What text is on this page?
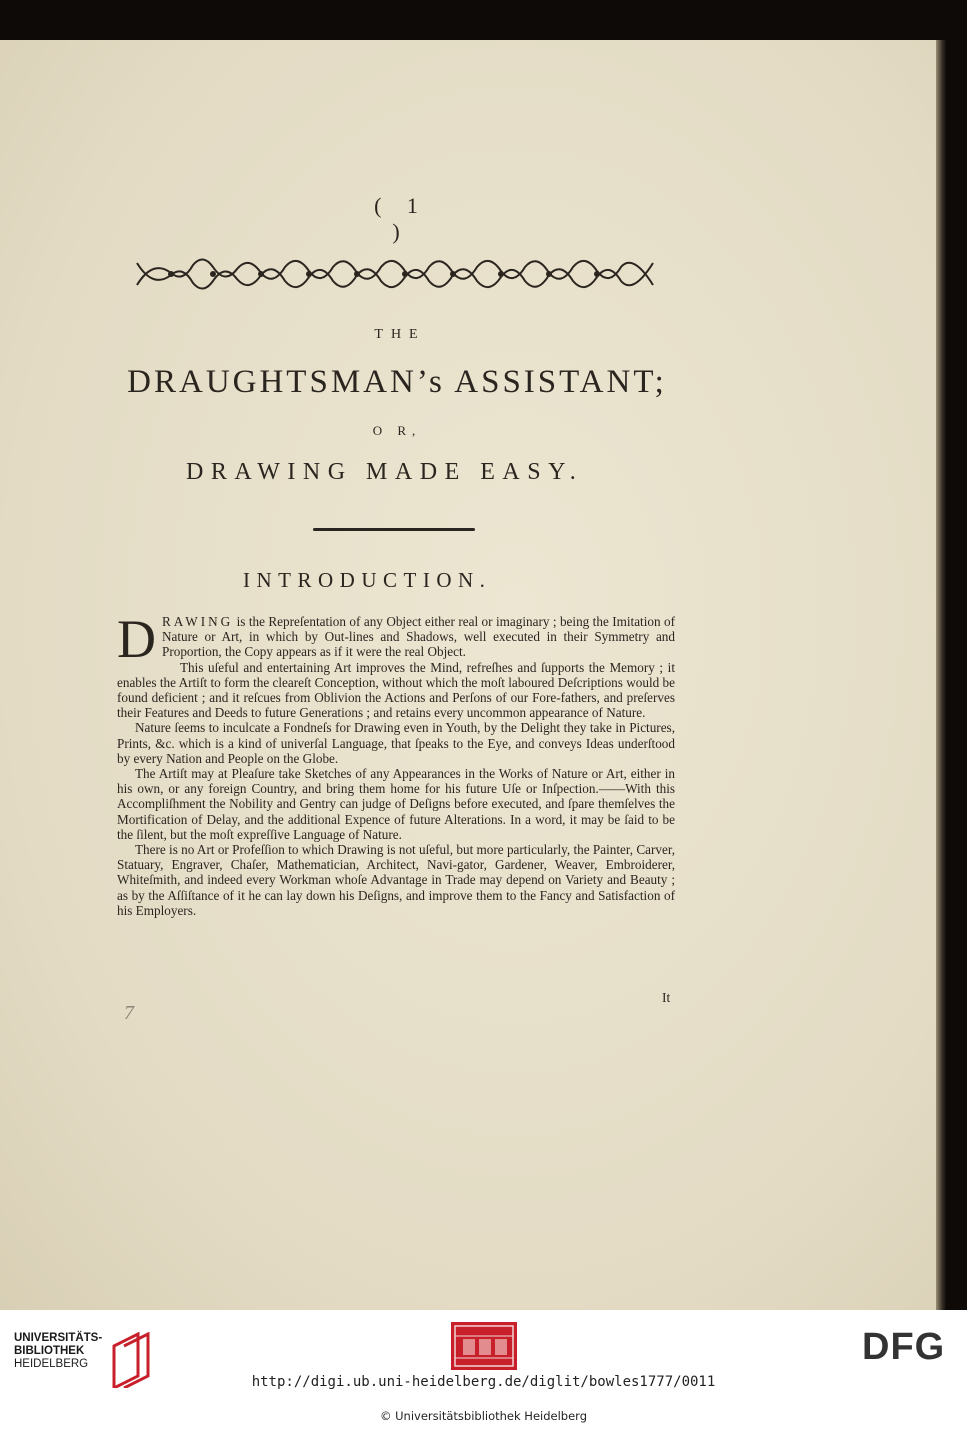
( 1 )
THE
DRAUGHTSMAN’s ASSISTANT;
O R,
DRAWING MADE EASY.
INTRODUCTION.

DRAWING is the Repreſentation of any Object either real or imaginary ; being the Imitation of Nature or Art, in which by Out-lines and Shadows, well executed in their Symmetry and Proportion, the Copy appears as if it were the real Object.

This uſeful and entertaining Art improves the Mind, refreſhes and ſupports the Memory ; it enables the Artiſt to form the cleareſt Conception, without which the moſt laboured Deſcriptions would be found deficient ; and it reſcues from Oblivion the Actions and Perſons of our Fore-fathers, and preſerves their Features and Deeds to future Generations ; and retains every uncommon appearance of Nature.

Nature ſeems to inculcate a Fondneſs for Drawing even in Youth, by the Delight they take in Pictures, Prints, &c. which is a kind of univerſal Language, that ſpeaks to the Eye, and conveys Ideas underſtood by every Nation and People on the Globe.

The Artiſt may at Pleaſure take Sketches of any Appearances in the Works of Nature or Art, either in his own, or any foreign Country, and bring them home for his future Uſe or Inſpection.——With this Accompliſhment the Nobility and Gentry can judge of Deſigns before executed, and ſpare themſelves the Mortification of Delay, and the additional Expence of future Alterations. In a word, it may be ſaid to be the ſilent, but the moſt expreſſive Language of Nature.

There is no Art or Profeſſion to which Drawing is not uſeful, but more particularly, the Painter, Carver, Statuary, Engraver, Chaſer, Mathematician, Architect, Navi-gator, Gardener, Weaver, Embroiderer, Whiteſmith, and indeed every Workman whoſe Advantage in Trade may depend on Variety and Beauty ; as by the Aſſiſtance of it he can lay down his Deſigns, and improve them to the Fancy and Satisfaction of his Employers.

It
7
UNIVERSITÄTS-
BIBLIOTHEK
HEIDELBERG	DFG
http://digi.ub.uni-heidelberg.de/diglit/bowles1777/0011
© Universitätsbibliothek Heidelberg
